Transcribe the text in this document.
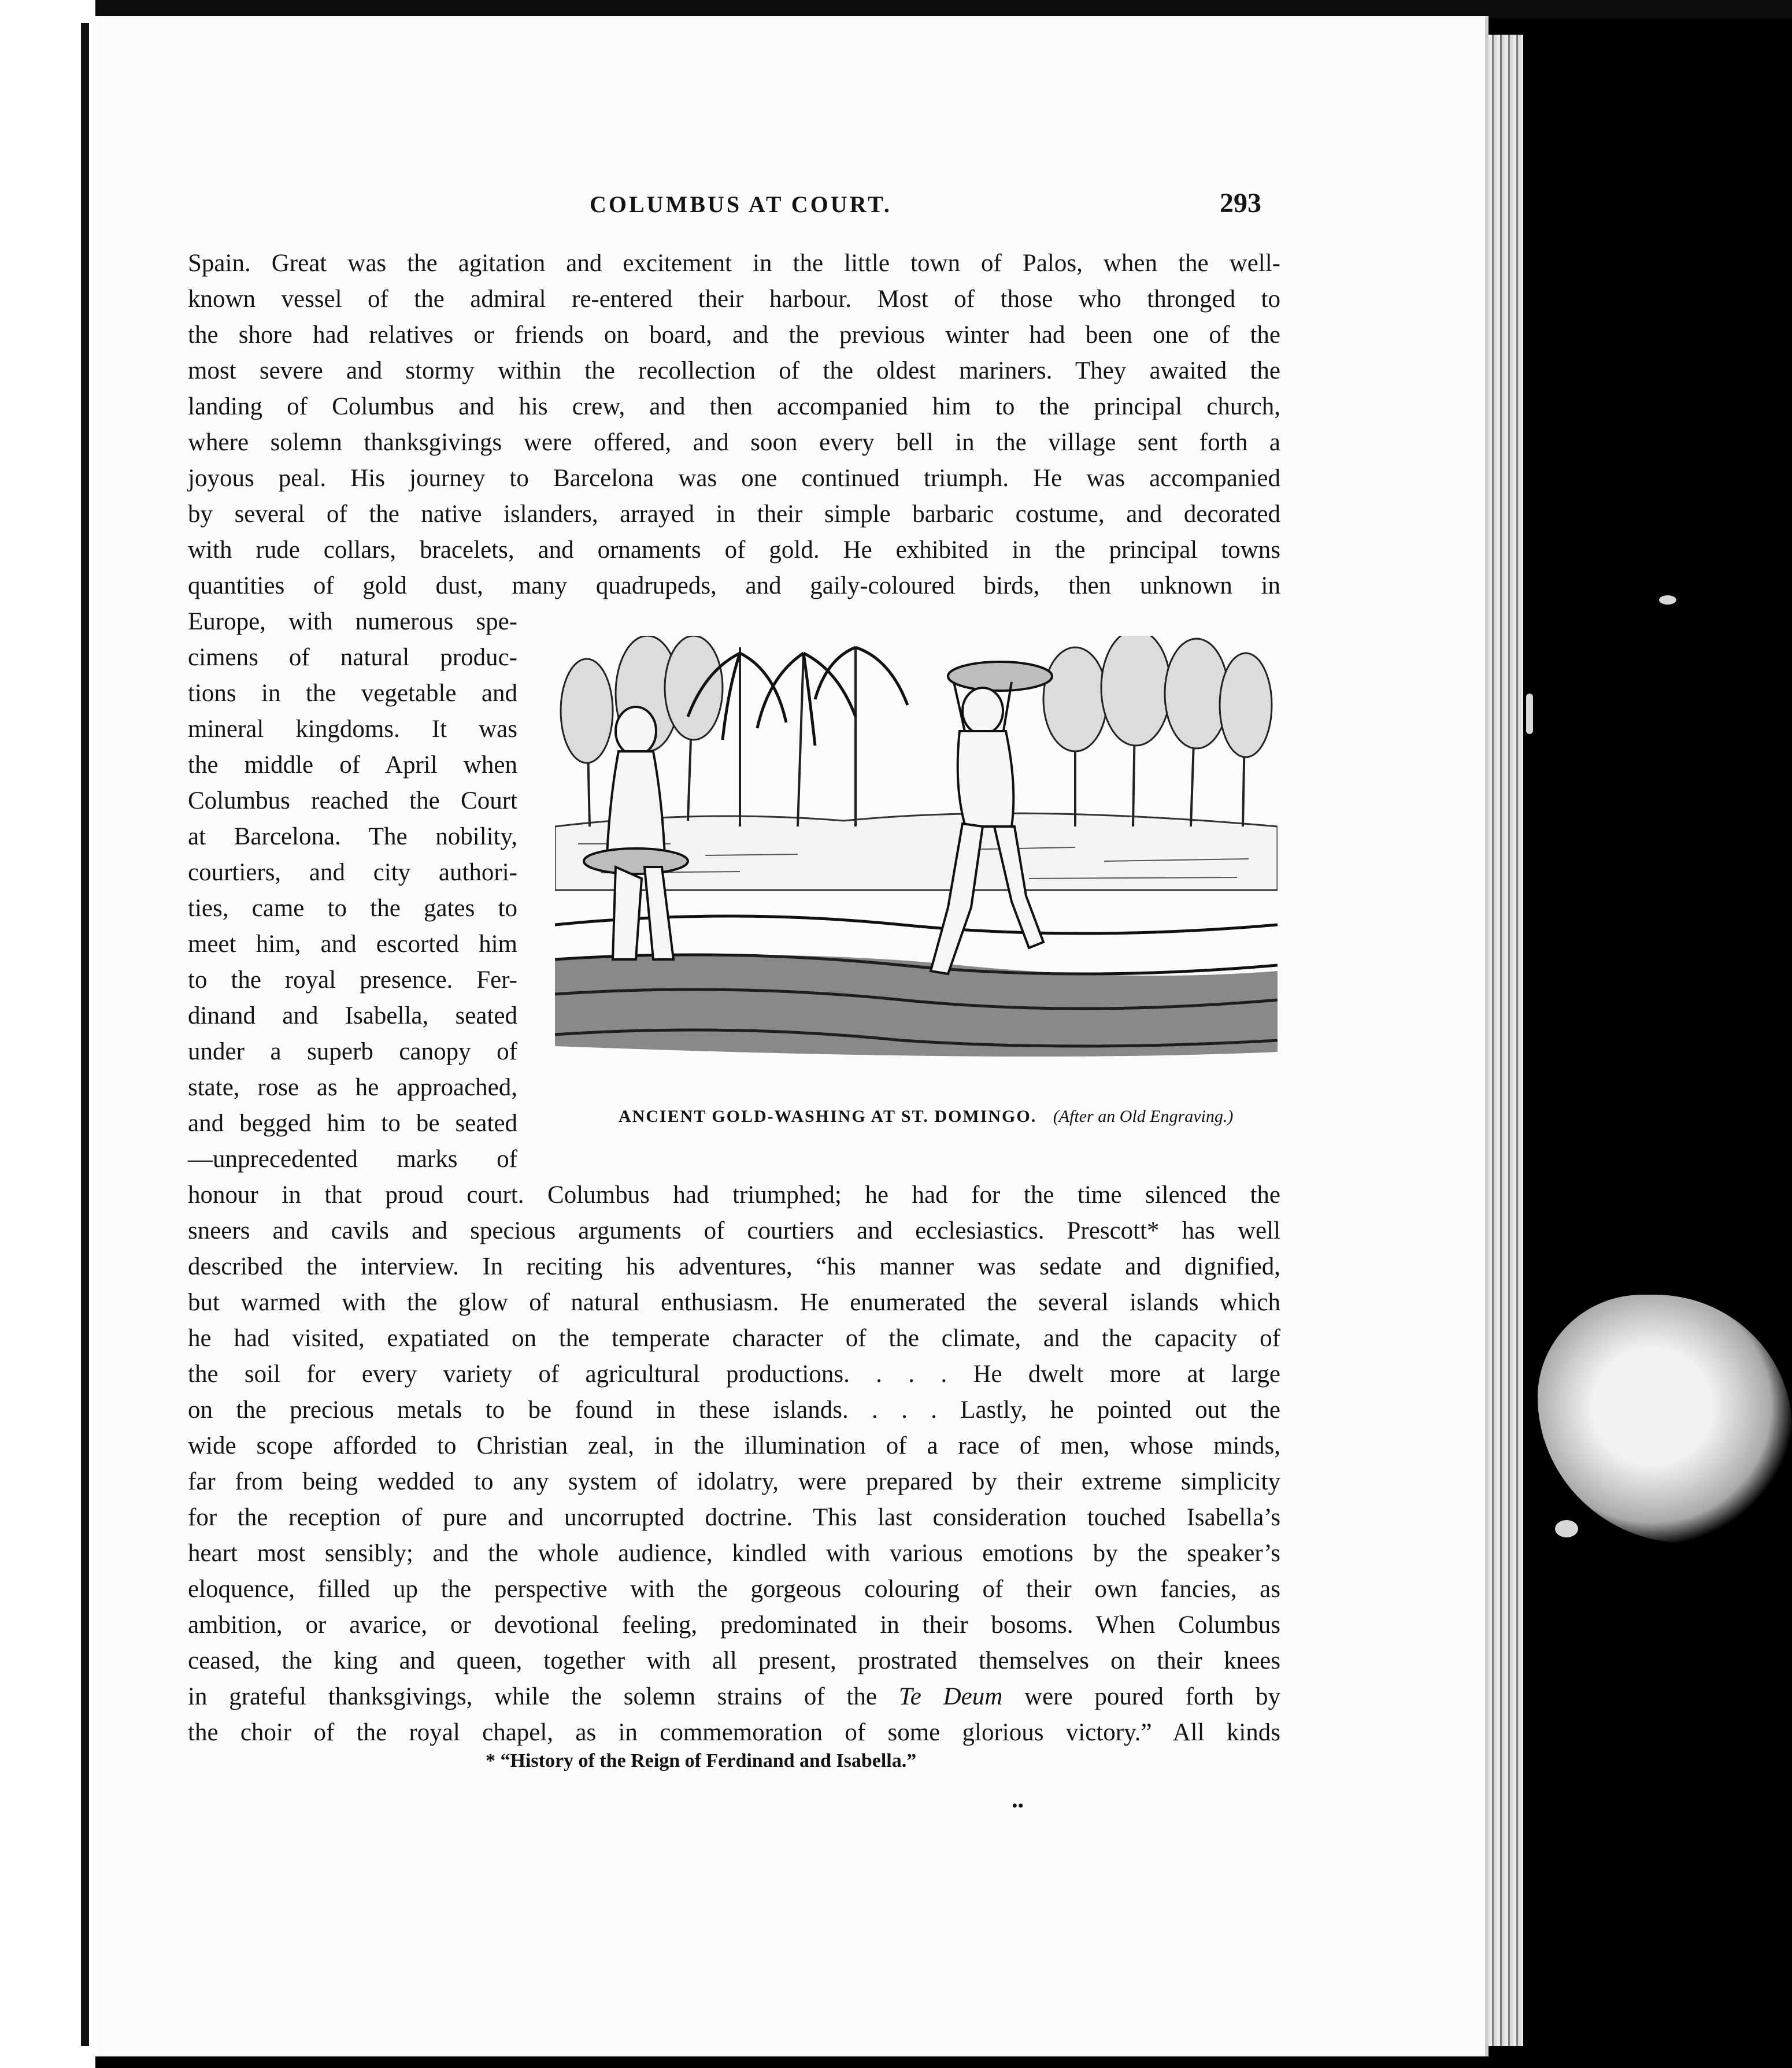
COLUMBUS AT COURT.	293
Spain. Great was the agitation and excitement in the little town of Palos, when the well-
known vessel of the admiral re-entered their harbour. Most of those who thronged to
the shore had relatives or friends on board, and the previous winter had been one of the
most severe and stormy within the recollection of the oldest mariners. They awaited the
landing of Columbus and his crew, and then accompanied him to the principal church,
where solemn thanksgivings were offered, and soon every bell in the village sent forth a
joyous peal. His journey to Barcelona was one continued triumph. He was accompanied
by several of the native islanders, arrayed in their simple barbaric costume, and decorated
with rude collars, bracelets, and ornaments of gold. He exhibited in the principal towns
quantities of gold dust, many quadrupeds, and gaily-coloured birds, then unknown in
Europe, with numerous spe-
cimens of natural produc-
tions in the vegetable and
mineral kingdoms. It was
the middle of April when
Columbus reached the Court
at Barcelona. The nobility,
courtiers, and city authori-
ties, came to the gates to
meet him, and escorted him
to the royal presence. Fer-
dinand and Isabella, seated
under a superb canopy of
state, rose as he approached,
and begged him to be seated
—unprecedented marks of
honour in that proud court. Columbus had triumphed; he had for the time silenced the
sneers and cavils and specious arguments of courtiers and ecclesiastics. Prescott* has well
described the interview. In reciting his adventures, “his manner was sedate and dignified,
but warmed with the glow of natural enthusiasm. He enumerated the several islands which
he had visited, expatiated on the temperate character of the climate, and the capacity of
the soil for every variety of agricultural productions. . . . He dwelt more at large
on the precious metals to be found in these islands. . . . Lastly, he pointed out the
wide scope afforded to Christian zeal, in the illumination of a race of men, whose minds,
far from being wedded to any system of idolatry, were prepared by their extreme simplicity
for the reception of pure and uncorrupted doctrine. This last consideration touched Isabella’s
heart most sensibly; and the whole audience, kindled with various emotions by the speaker’s
eloquence, filled up the perspective with the gorgeous colouring of their own fancies, as
ambition, or avarice, or devotional feeling, predominated in their bosoms. When Columbus
ceased, the king and queen, together with all present, prostrated themselves on their knees
in grateful thanksgivings, while the solemn strains of the Te Deum were poured forth by
the choir of the royal chapel, as in commemoration of some glorious victory.” All kinds
ANCIENT GOLD-WASHING AT ST. DOMINGO. (After an Old Engraving.)
* “History of the Reign of Ferdinand and Isabella.”
••
